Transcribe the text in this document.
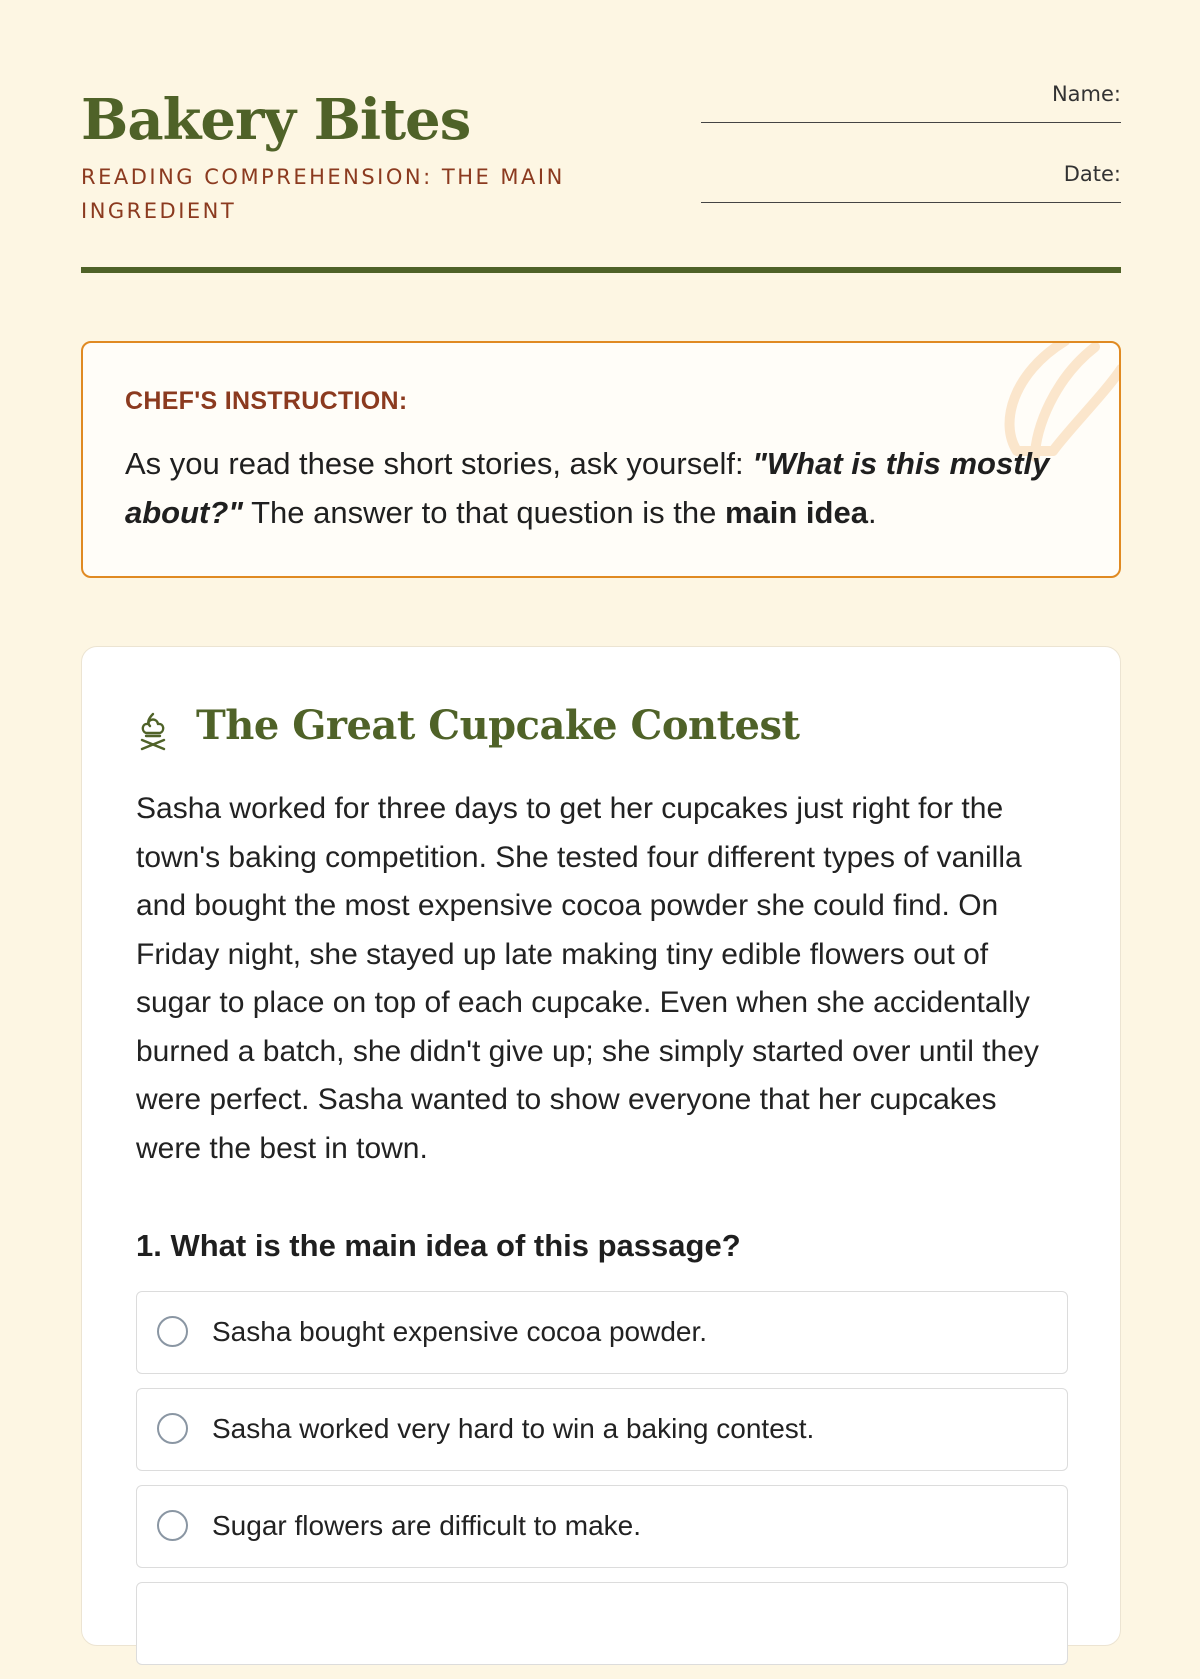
Bakery Bites
READING COMPREHENSION: THE MAIN INGREDIENT
Name:
Date:
CHEF'S INSTRUCTION:
As you read these short stories, ask yourself: "What is this mostly about?" The answer to that question is the main idea.
The Great Cupcake Contest

Sasha worked for three days to get her cupcakes just right for the town's baking competition. She tested four different types of vanilla and bought the most expensive cocoa powder she could find. On Friday night, she stayed up late making tiny edible flowers out of sugar to place on top of each cupcake. Even when she accidentally burned a batch, she didn't give up; she simply started over until they were perfect. Sasha wanted to show everyone that her cupcakes were the best in town.

1. What is the main idea of this passage?
Sasha bought expensive cocoa powder.
Sasha worked very hard to win a baking contest.
Sugar flowers are difficult to make.
